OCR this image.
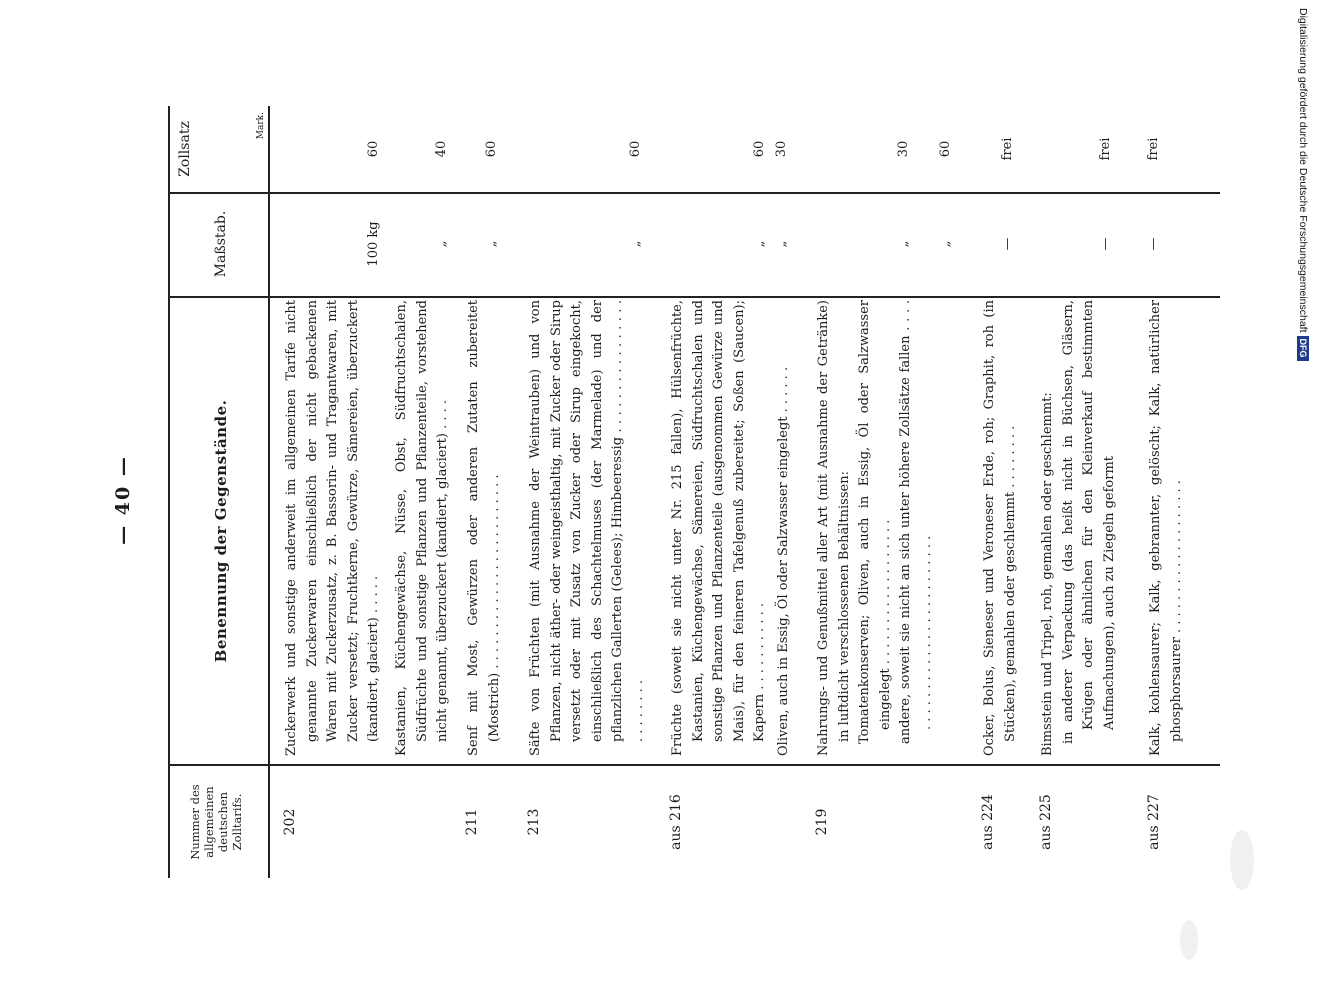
— 40 —
Nummer des allgemeinen deutschen Zolltarifs.
Benennung der Gegenstände.
Maßstab.
Zollsatz	Mark.
202

Zuckerwerk und sonstige anderweit im allgemeinen Tarife nicht genannte Zuckerwaren einschließlich der nicht gebackenen Waren mit Zuckerzusatz, z. B. Bassorin- und Tragantwaren, mit Zucker versetzt; Fruchtkerne, Gewürze, Sämereien, überzuckert (kandiert, glaciert) . . . . .

100 kg
60

Kastanien, Küchengewächse, Nüsse, Obst, Südfruchtschalen, Südfrüchte und sonstige Pflanzen und Pflanzenteile, vorstehend nicht genannt, überzuckert (kandiert, glaciert) . . . .

„
40
211

Senf mit Most, Gewürzen oder anderen Zutaten zubereitet (Mostrich) . . . . . . . . . . . . . . . . . . . . . . . .

„
60
213

Säfte von Früchten (mit Ausnahme der Weintrauben) und von Pflanzen, nicht äther- oder weingeisthaltig, mit Zucker oder Sirup versetzt oder mit Zusatz von Zucker oder Sirup eingekocht, einschließlich des Schachtelmuses (der Marmelade) und der pflanzlichen Gallerten (Gelees); Himbeeressig . . . . . . . . . . . . . . . . . . . . . . . .

„
60
aus 216

Früchte (soweit sie nicht unter Nr. 215 fallen), Hülsenfrüchte, Kastanien, Küchengewächse, Sämereien, Südfruchtschalen und sonstige Pflanzen und Pflanzenteile (ausgenommen Gewürze und Mais), für den feineren Tafelgenuß zubereitet; Soßen (Saucen); Kapern . . . . . . . . . . .

„
60

Oliven, auch in Essig, Öl oder Salzwasser eingelegt . . . . . .

„
30
219

Nahrungs- und Genußmittel aller Art (mit Ausnahme der Getränke) in luftdicht verschlossenen Behältnissen: Tomatenkonserven; Oliven, auch in Essig, Öl oder Salzwasser eingelegt . . . . . . . . . . . . . . . . . . andere, soweit sie nicht an sich unter höhere Zollsätze fallen . . . . . . . . . . . . . . . . . . . . . . . . . . . .

„
30
„
60
aus 224

Ocker, Bolus, Sieneser und Veroneser Erde, roh; Graphit, roh (in Stücken), gemahlen oder geschlemmt . . . . . . . .

—
frei
aus 225

Bimsstein und Tripel, roh, gemahlen oder geschlemmt: in anderer Verpackung (das heißt nicht in Büchsen, Gläsern, Krügen oder ähnlichen für den Kleinverkauf bestimmten Aufmachungen), auch zu Ziegeln geformt

—
frei
aus 227

Kalk, kohlensaurer; Kalk, gebrannter, gelöscht; Kalk, natürlicher phosphorsaurer . . . . . . . . . . . . . . . . . . .

—
frei	Digitalisierung gefördert durch die Deutsche Forschungsgemeinschaft
DFG
